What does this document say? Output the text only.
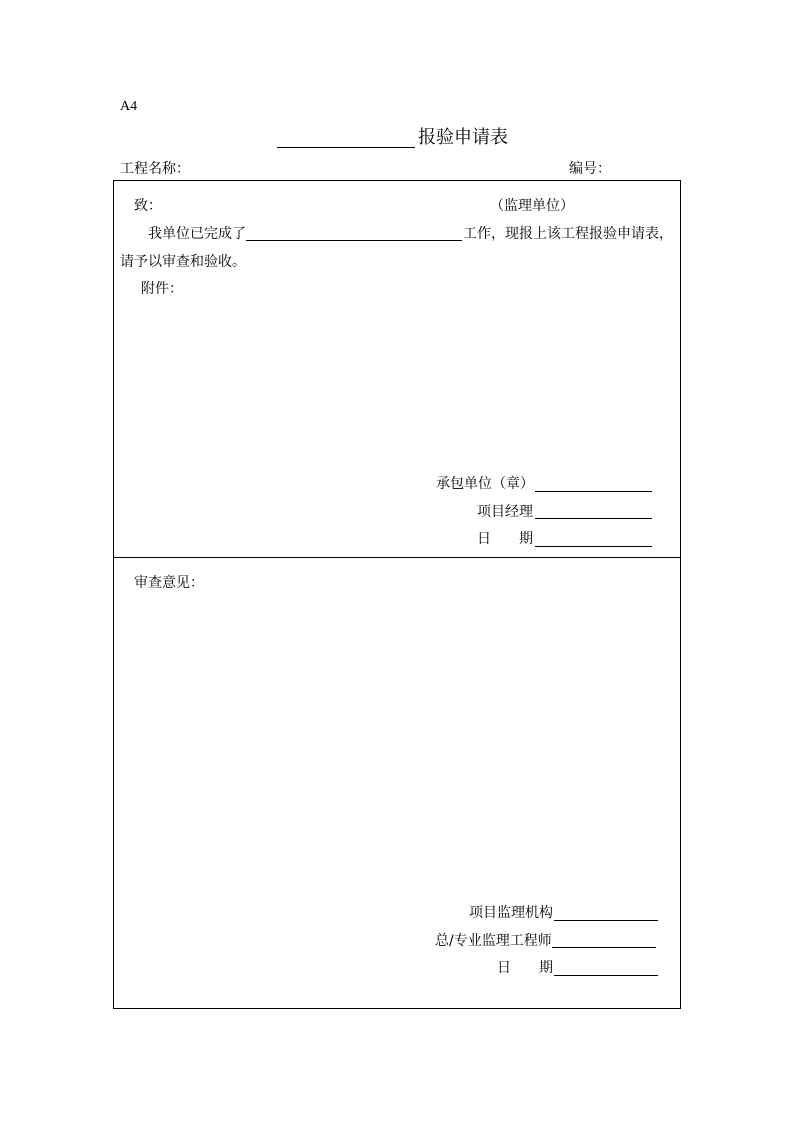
A4
报验申请表
工程名称：	编号：
致：	（监理单位）
我单位已完成了	工作，现报上该工程报验申请表，
请予以审查和验收。
附件：
承包单位（章）
项目经理
日　　期
审查意见：
项目监理机构
总/专业监理工程师
日　　期
